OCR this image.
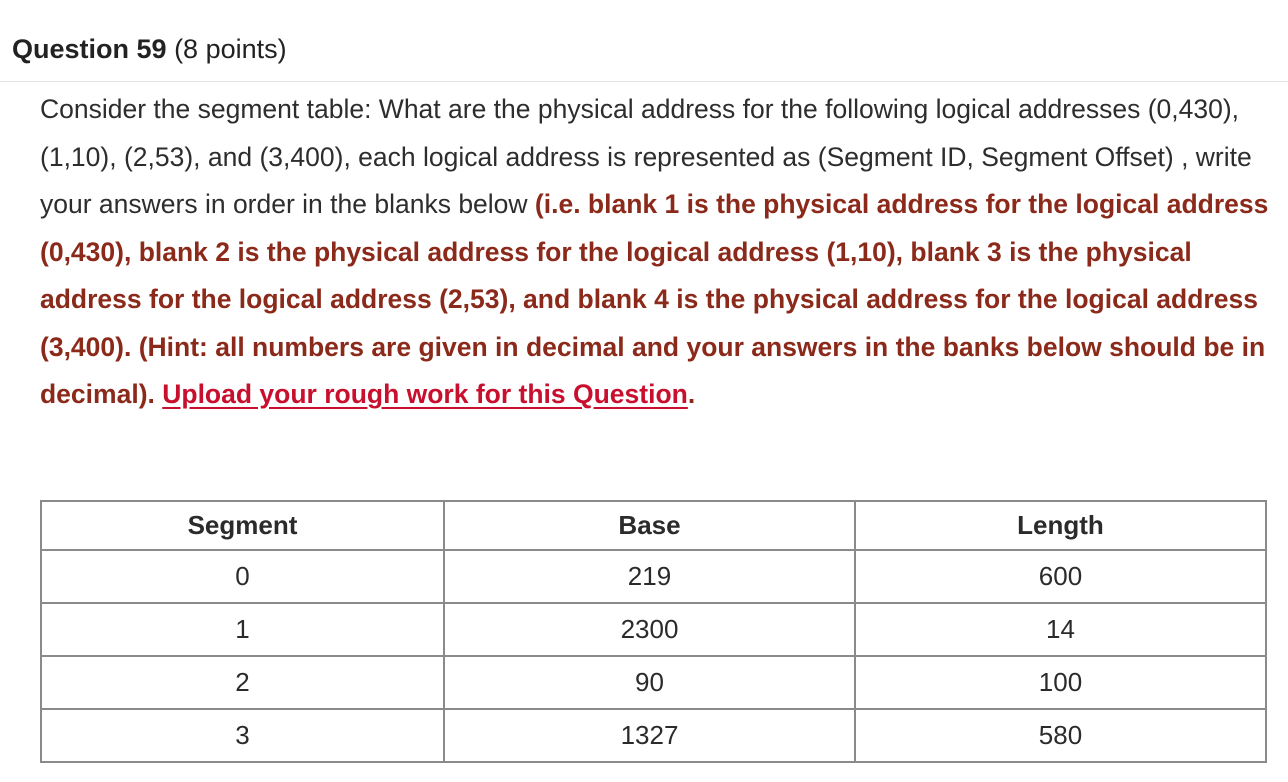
Question 59 (8 points)
Consider the segment table: What are the physical address for the following logical addresses (0,430), (1,10), (2,53), and (3,400), each logical address is represented as (Segment ID, Segment Offset) , write your answers in order in the blanks below (i.e. blank 1 is the physical address for the logical address (0,430), blank 2 is the physical address for the logical address (1,10), blank 3 is the physical address for the logical address (2,53), and blank 4 is the physical address for the logical address (3,400). (Hint: all numbers are given in decimal and your answers in the banks below should be in decimal). Upload your rough work for this Question.
Segment	Base	Length
0	219	600
1	2300	14
2	90	100
3	1327	580
